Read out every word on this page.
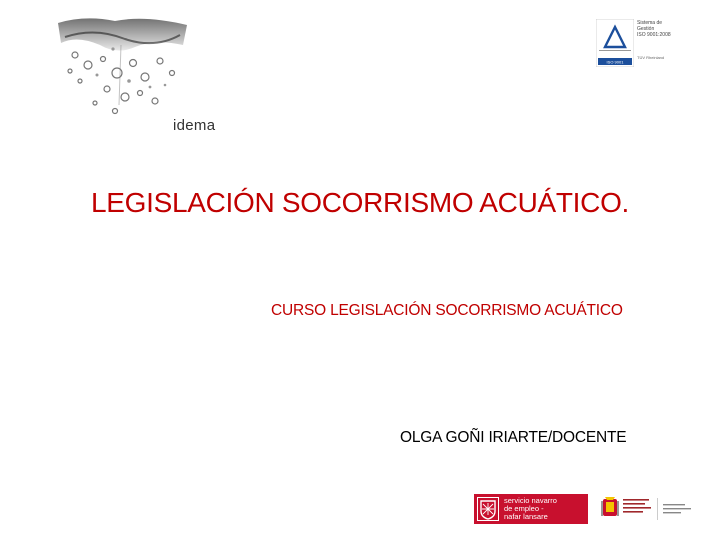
idema
ISO 9001
Sistema de
Gestión
ISO 9001:2008
TÜV Rheinland
LEGISLACIÓN SOCORRISMO ACUÁTICO.
CURSO LEGISLACIÓN SOCORRISMO ACUÁTICO
OLGA GOÑI IRIARTE/DOCENTE
servicio navarro
de empleo -
nafar lansare
